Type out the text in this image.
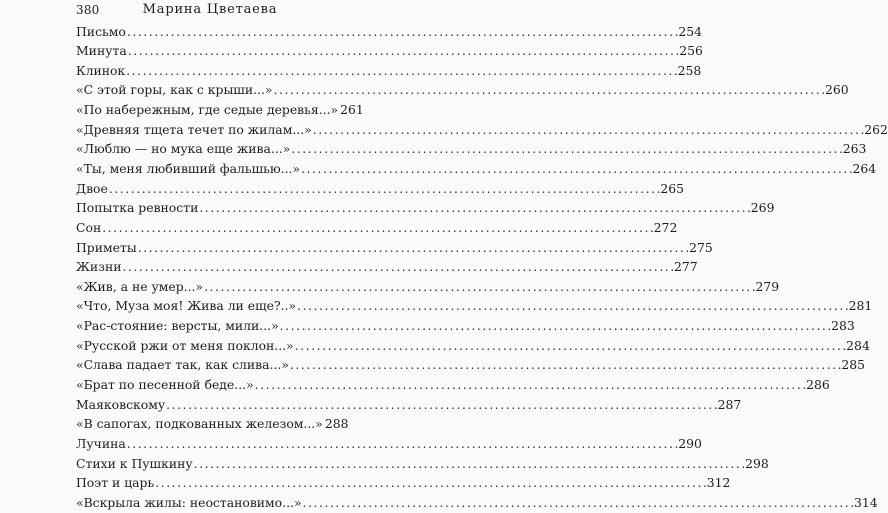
380	Марина Цветаева
Письмо . . .	254
Минута . . .	256
Клинок . . .	258
«С этой горы, как с крыши...» . . .	260
«По набережным, где седые деревья...» 261
«Древняя тщета течет по жилам...» . . .	262
«Люблю — но мука еще жива...» . . .	263
«Ты, меня любивший фальшью...» . . .	264
Двое . . .	265
Попытка ревности . . .	269
Сон . . .	272
Приметы . . .	275
Жизни . . .	277
«Жив, а не умер...» . . .	279
«Что, Муза моя! Жива ли еще?..» . . .	281
«Рас-стояние: версты, мили...» . . .	283
«Русской ржи от меня поклон...» . . .	284
«Слава падает так, как слива...» . . .	285
«Брат по песенной беде...» . . .	286
Маяковскому . . .	287
«В сапогах, подкованных железом...» 288
Лучина . . .	290
Стихи к Пушкину . . .	298
Поэт и царь . . .	312
«Вскрыла жилы: неостановимо...» . . .	314
